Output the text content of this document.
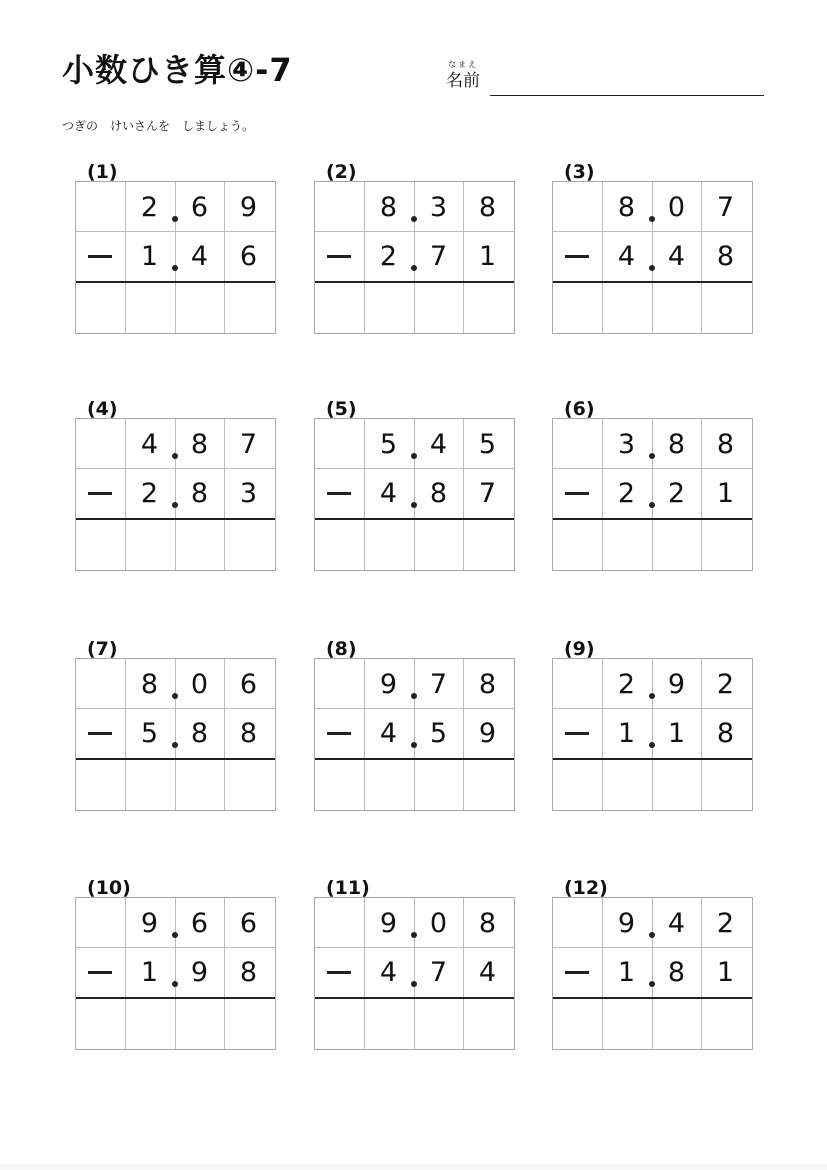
小数ひき算④-7	なまえ
名前
つぎの　けいさんを　しましょう。
(1)
2	6	9
1	4	6
(2)
8	3	8
2	7	1
(3)
8	0	7
4	4	8
(4)
4	8	7
2	8	3
(5)
5	4	5
4	8	7
(6)
3	8	8
2	2	1
(7)
8	0	6
5	8	8
(8)
9	7	8
4	5	9
(9)
2	9	2
1	1	8
(10)
9	6	6
1	9	8
(11)
9	0	8
4	7	4
(12)
9	4	2
1	8	1
